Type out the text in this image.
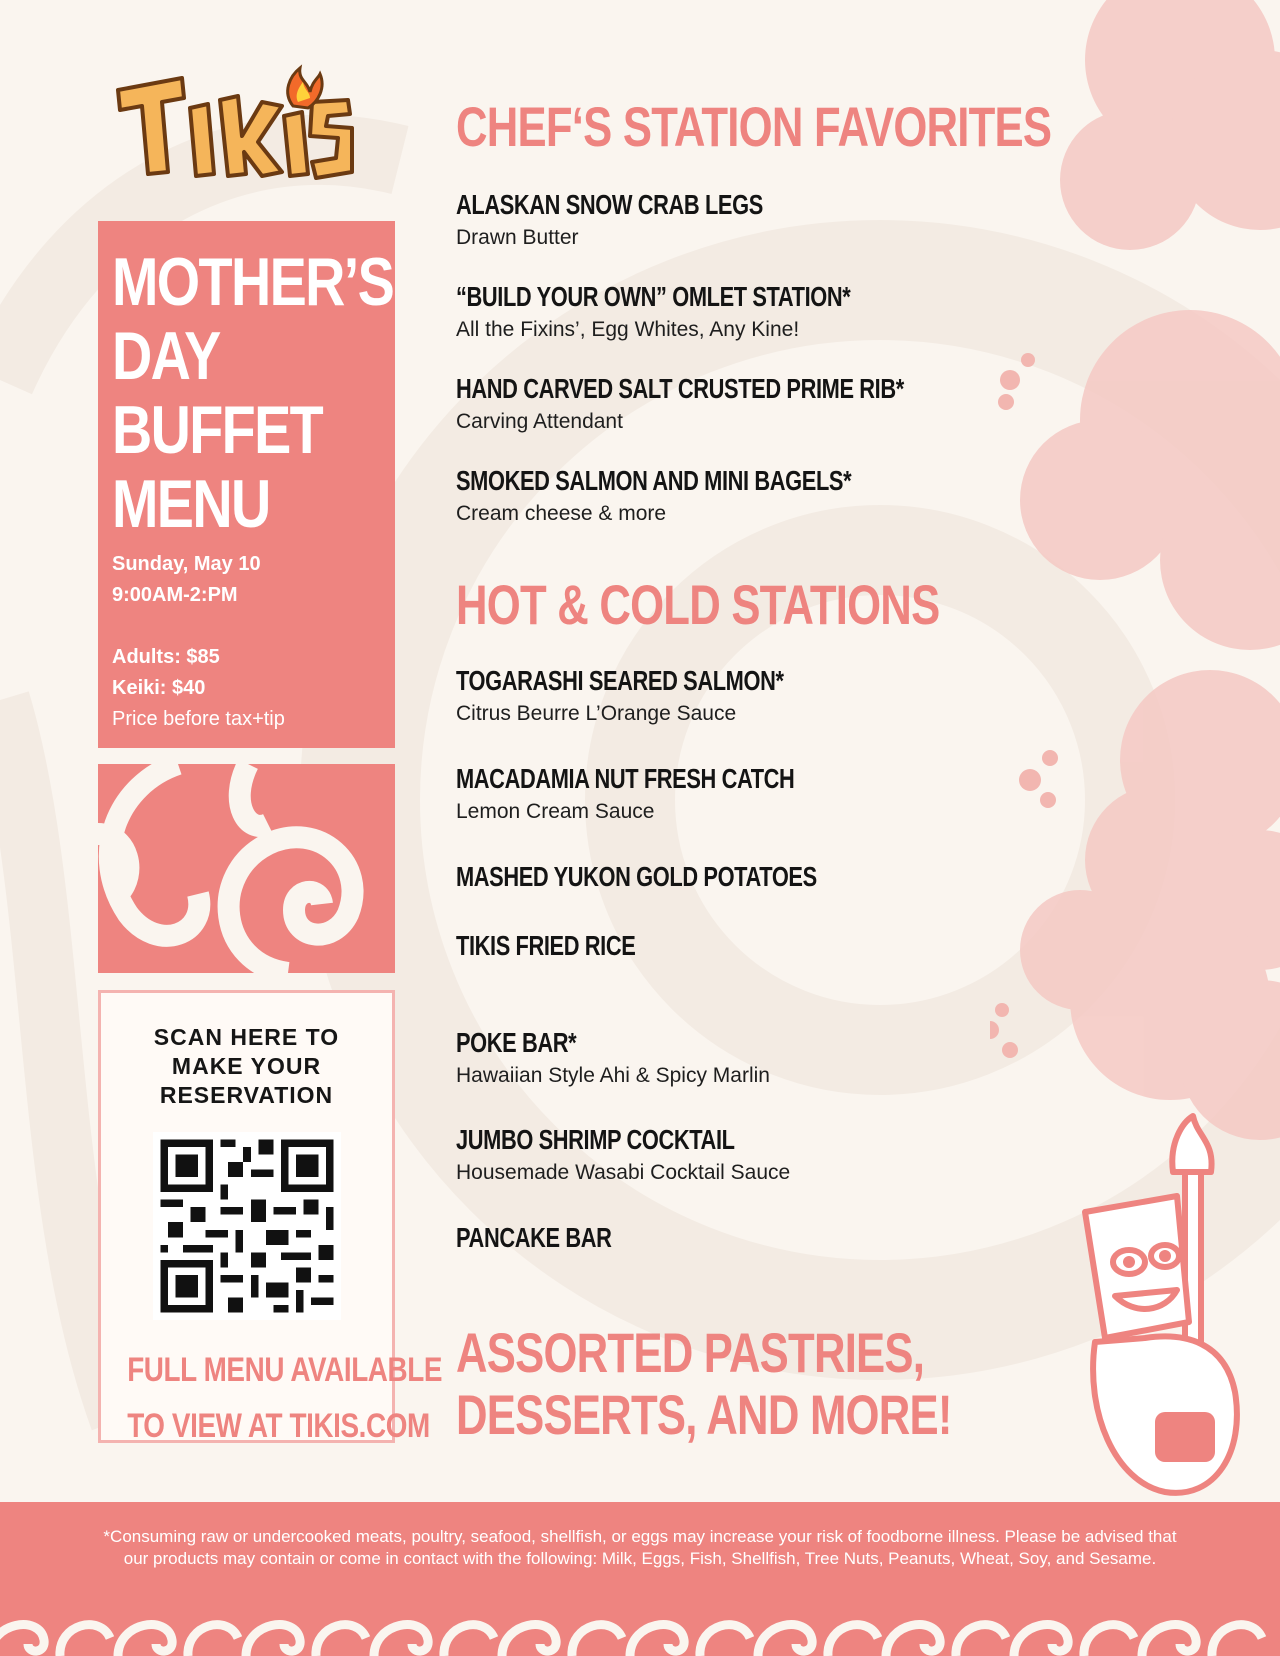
MOTHER’S
DAY
BUFFET
MENU
Sunday, May 10
9:00AM-2:PM
Adults: $85
Keiki: $40
Price before tax+tip
SCAN HERE TO
MAKE YOUR
RESERVATION
FULL MENU AVAILABLE
TO VIEW AT TIKIS.COM
CHEF‘S STATION FAVORITES
ALASKAN SNOW CRAB LEGS
Drawn Butter
“BUILD YOUR OWN” OMLET STATION*
All the Fixins’, Egg Whites, Any Kine!
HAND CARVED SALT CRUSTED PRIME RIB*
Carving Attendant
SMOKED SALMON AND MINI BAGELS*
Cream cheese & more
HOT & COLD STATIONS
TOGARASHI SEARED SALMON*
Citrus Beurre L’Orange Sauce
MACADAMIA NUT FRESH CATCH
Lemon Cream Sauce
MASHED YUKON GOLD POTATOES
TIKIS FRIED RICE
POKE BAR*
Hawaiian Style Ahi & Spicy Marlin
JUMBO SHRIMP COCKTAIL
Housemade Wasabi Cocktail Sauce
PANCAKE BAR
ASSORTED PASTRIES,
DESSERTS, AND MORE!
*Consuming raw or undercooked meats, poultry, seafood, shellfish, or eggs may increase your risk of foodborne illness. Please be advised that
our products may contain or come in contact with the following: Milk, Eggs, Fish, Shellfish, Tree Nuts, Peanuts, Wheat, Soy, and Sesame.
